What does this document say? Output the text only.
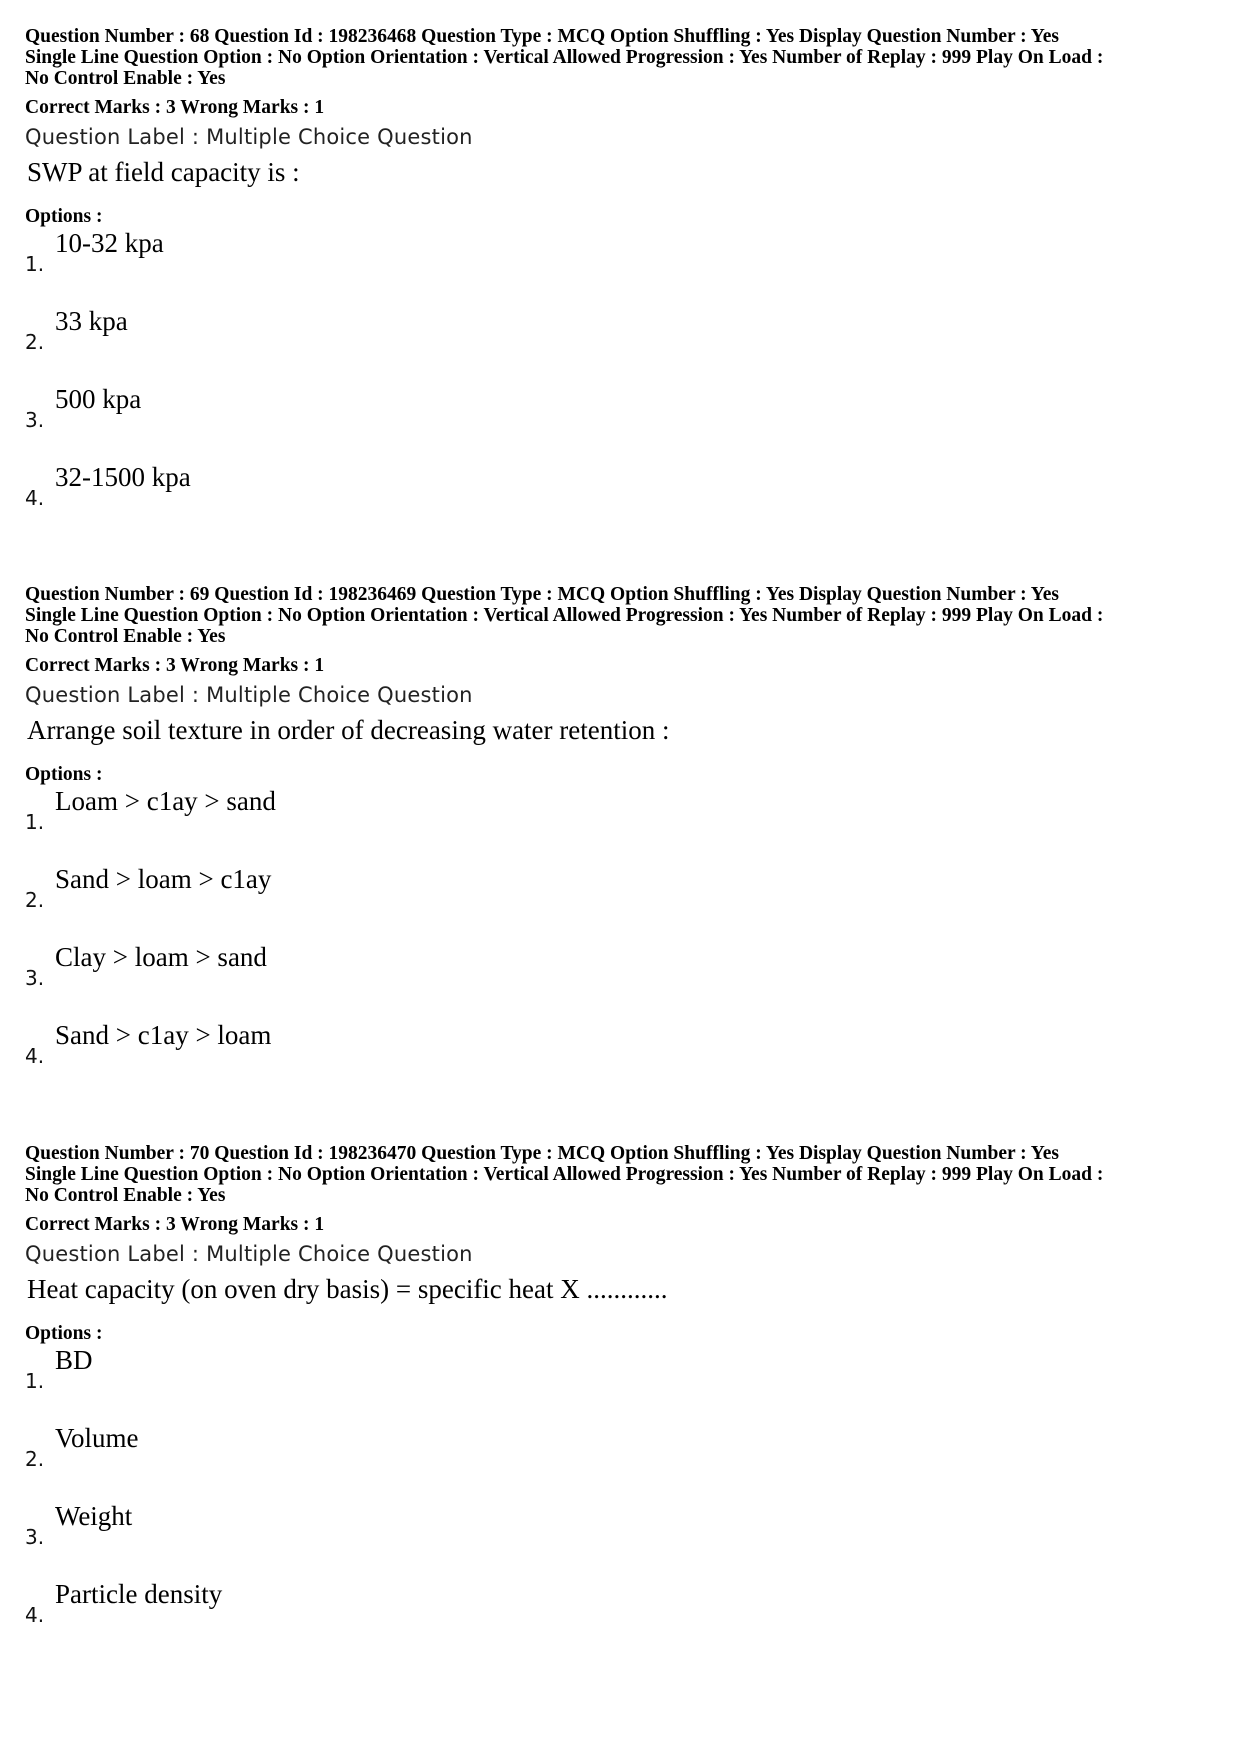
Question Number : 68 Question Id : 198236468 Question Type : MCQ Option Shuffling : Yes Display Question Number : Yes
Single Line Question Option : No Option Orientation : Vertical Allowed Progression : Yes Number of Replay : 999 Play On Load :
No Control Enable : Yes
Correct Marks : 3 Wrong Marks : 1
Question Label : Multiple Choice Question
SWP at field capacity is :
Options :
1.
10-32 kpa
2.
33 kpa
3.
500 kpa
4.
32-1500 kpa
Question Number : 69 Question Id : 198236469 Question Type : MCQ Option Shuffling : Yes Display Question Number : Yes
Single Line Question Option : No Option Orientation : Vertical Allowed Progression : Yes Number of Replay : 999 Play On Load :
No Control Enable : Yes
Correct Marks : 3 Wrong Marks : 1
Question Label : Multiple Choice Question
Arrange soil texture in order of decreasing water retention :
Options :
1.
Loam > c1ay > sand
2.
Sand > loam > c1ay
3.
Clay > loam > sand
4.
Sand > c1ay > loam
Question Number : 70 Question Id : 198236470 Question Type : MCQ Option Shuffling : Yes Display Question Number : Yes
Single Line Question Option : No Option Orientation : Vertical Allowed Progression : Yes Number of Replay : 999 Play On Load :
No Control Enable : Yes
Correct Marks : 3 Wrong Marks : 1
Question Label : Multiple Choice Question
Heat capacity (on oven dry basis) = specific heat X ............
Options :
1.
BD
2.
Volume
3.
Weight
4.
Particle density
